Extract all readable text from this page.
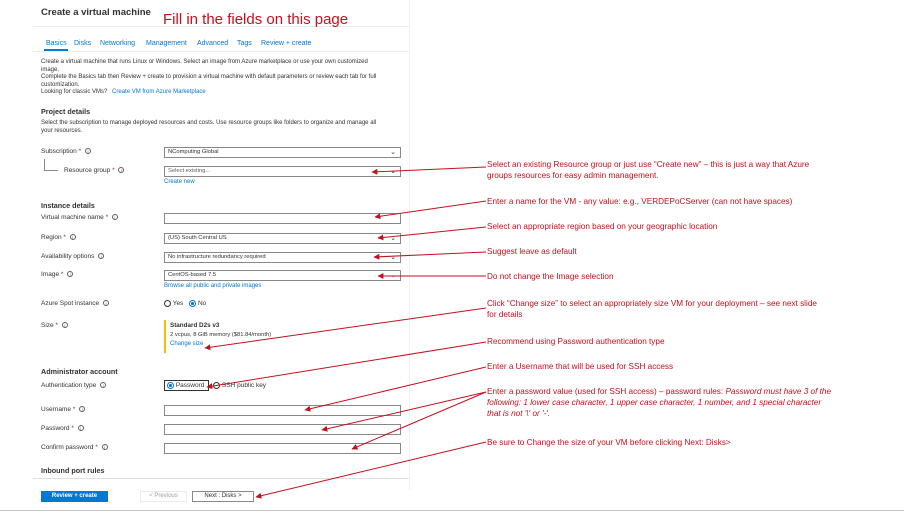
Create a virtual machine Fill in the fields on this page
Basics Disks Networking Management Advanced Tags Review + create
Create a virtual machine that runs Linux or Windows. Select an image from Azure marketplace or use your own customized
image.
Complete the Basics tab then Review + create to provision a virtual machine with default parameters or review each tab for full
customization.
Looking for classic VMs? Create VM from Azure Marketplace
Project details
Select the subscription to manage deployed resources and costs. Use resource groups like folders to organize and manage all
your resources.
Subscription * i	NComputing Global	⌄
Resource group * i	Select existing...	⌄
Create new
Instance details
Virtual machine name * i
Region * i	(US) South Central US	⌄
Availability options i	No infrastructure redundancy required	⌄
Image * i	CentOS-based 7.5	⌄
Browse all public and private images
Azure Spot instance i	Yes No
Size * i	Standard D2s v3
2 vcpus, 8 GiB memory ($81.84/month)
Change size
Administrator account
Authentication type i	Password	SSH public key
Username * i
Password * i
Confirm password * i
Inbound port rules
Review + create	< Previous	Next : Disks >
Select an existing Resource group or just use “Create new” – this is just a way that Azure
groups resources for easy admin management.
Enter a name for the VM - any value: e.g., VERDEPoCServer (can not have spaces)
Select an appropriate region based on your geographic location
Suggest leave as default
Do not change the Image selection
Click “Change size” to select an appropriately size VM for your deployment – see next slide
for details
Recommend using Password authentication type
Enter a Username that will be used for SSH access
Enter a password value (used for SSH access) – password rules: Password must have 3 of the
following: 1 lower case character, 1 upper case character, 1 number, and 1 special character
that is not '\' or '-'.
Be sure to Change the size of your VM before clicking Next: Disks>
